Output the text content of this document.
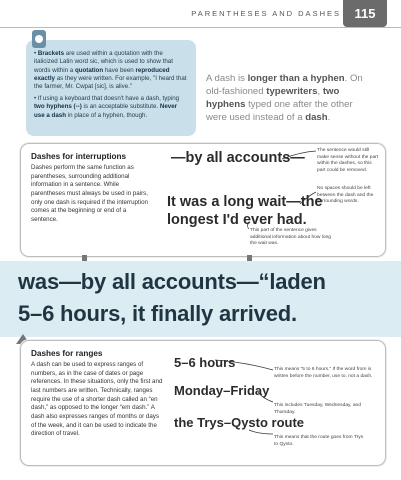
PARENTHESES AND DASHES	115

• Brackets are used within a quotation with the italicized Latin word sic, which is used to show that words within a quotation have been reproduced exactly as they were written. For example, "I heard that the farmer, Mr. Cwpat [sic], is alive."

• If using a keyboard that doesn't have a dash, typing two hyphens (--) is an acceptable substitute. Never use a dash in place of a hyphen, though.

A dash is longer than a hyphen. On old-fashioned typewriters, two hyphens typed one after the other were used instead of a dash.
Dashes for interruptions
Dashes perform the same function as parentheses, surrounding additional information in a sentence. While parentheses must always be used in pairs, only one dash is required if the interruption comes at the beginning or end of a sentence.
—by all accounts—
It was a long wait—the
longest I'd ever had.
The sentence would still make sense without the part within the dashes, so this part could be removed.
No spaces should be left between the dash and the surrounding words.
This part of the sentence gives additional information about how long the wait was.
was—by all accounts—“laden
5–6 hours, it finally arrived.
Dashes for ranges
A dash can be used to express ranges of numbers, as in the case of dates or page references. In these situations, only the first and last numbers are written. Technically, ranges require the use of a shorter dash called an “en dash,” as opposed to the longer “em dash.” A dash also expresses ranges of months or days of the week, and it can be used to indicate the direction of travel.
5–6 hours
Monday–Friday
the Trys–Qysto route
This means “5 to 6 hours.” If the word from is written before the number, use to, not a dash.
This includes Tuesday, Wednesday, and Thursday.
This means that the route goes from Trys to Qysto.
